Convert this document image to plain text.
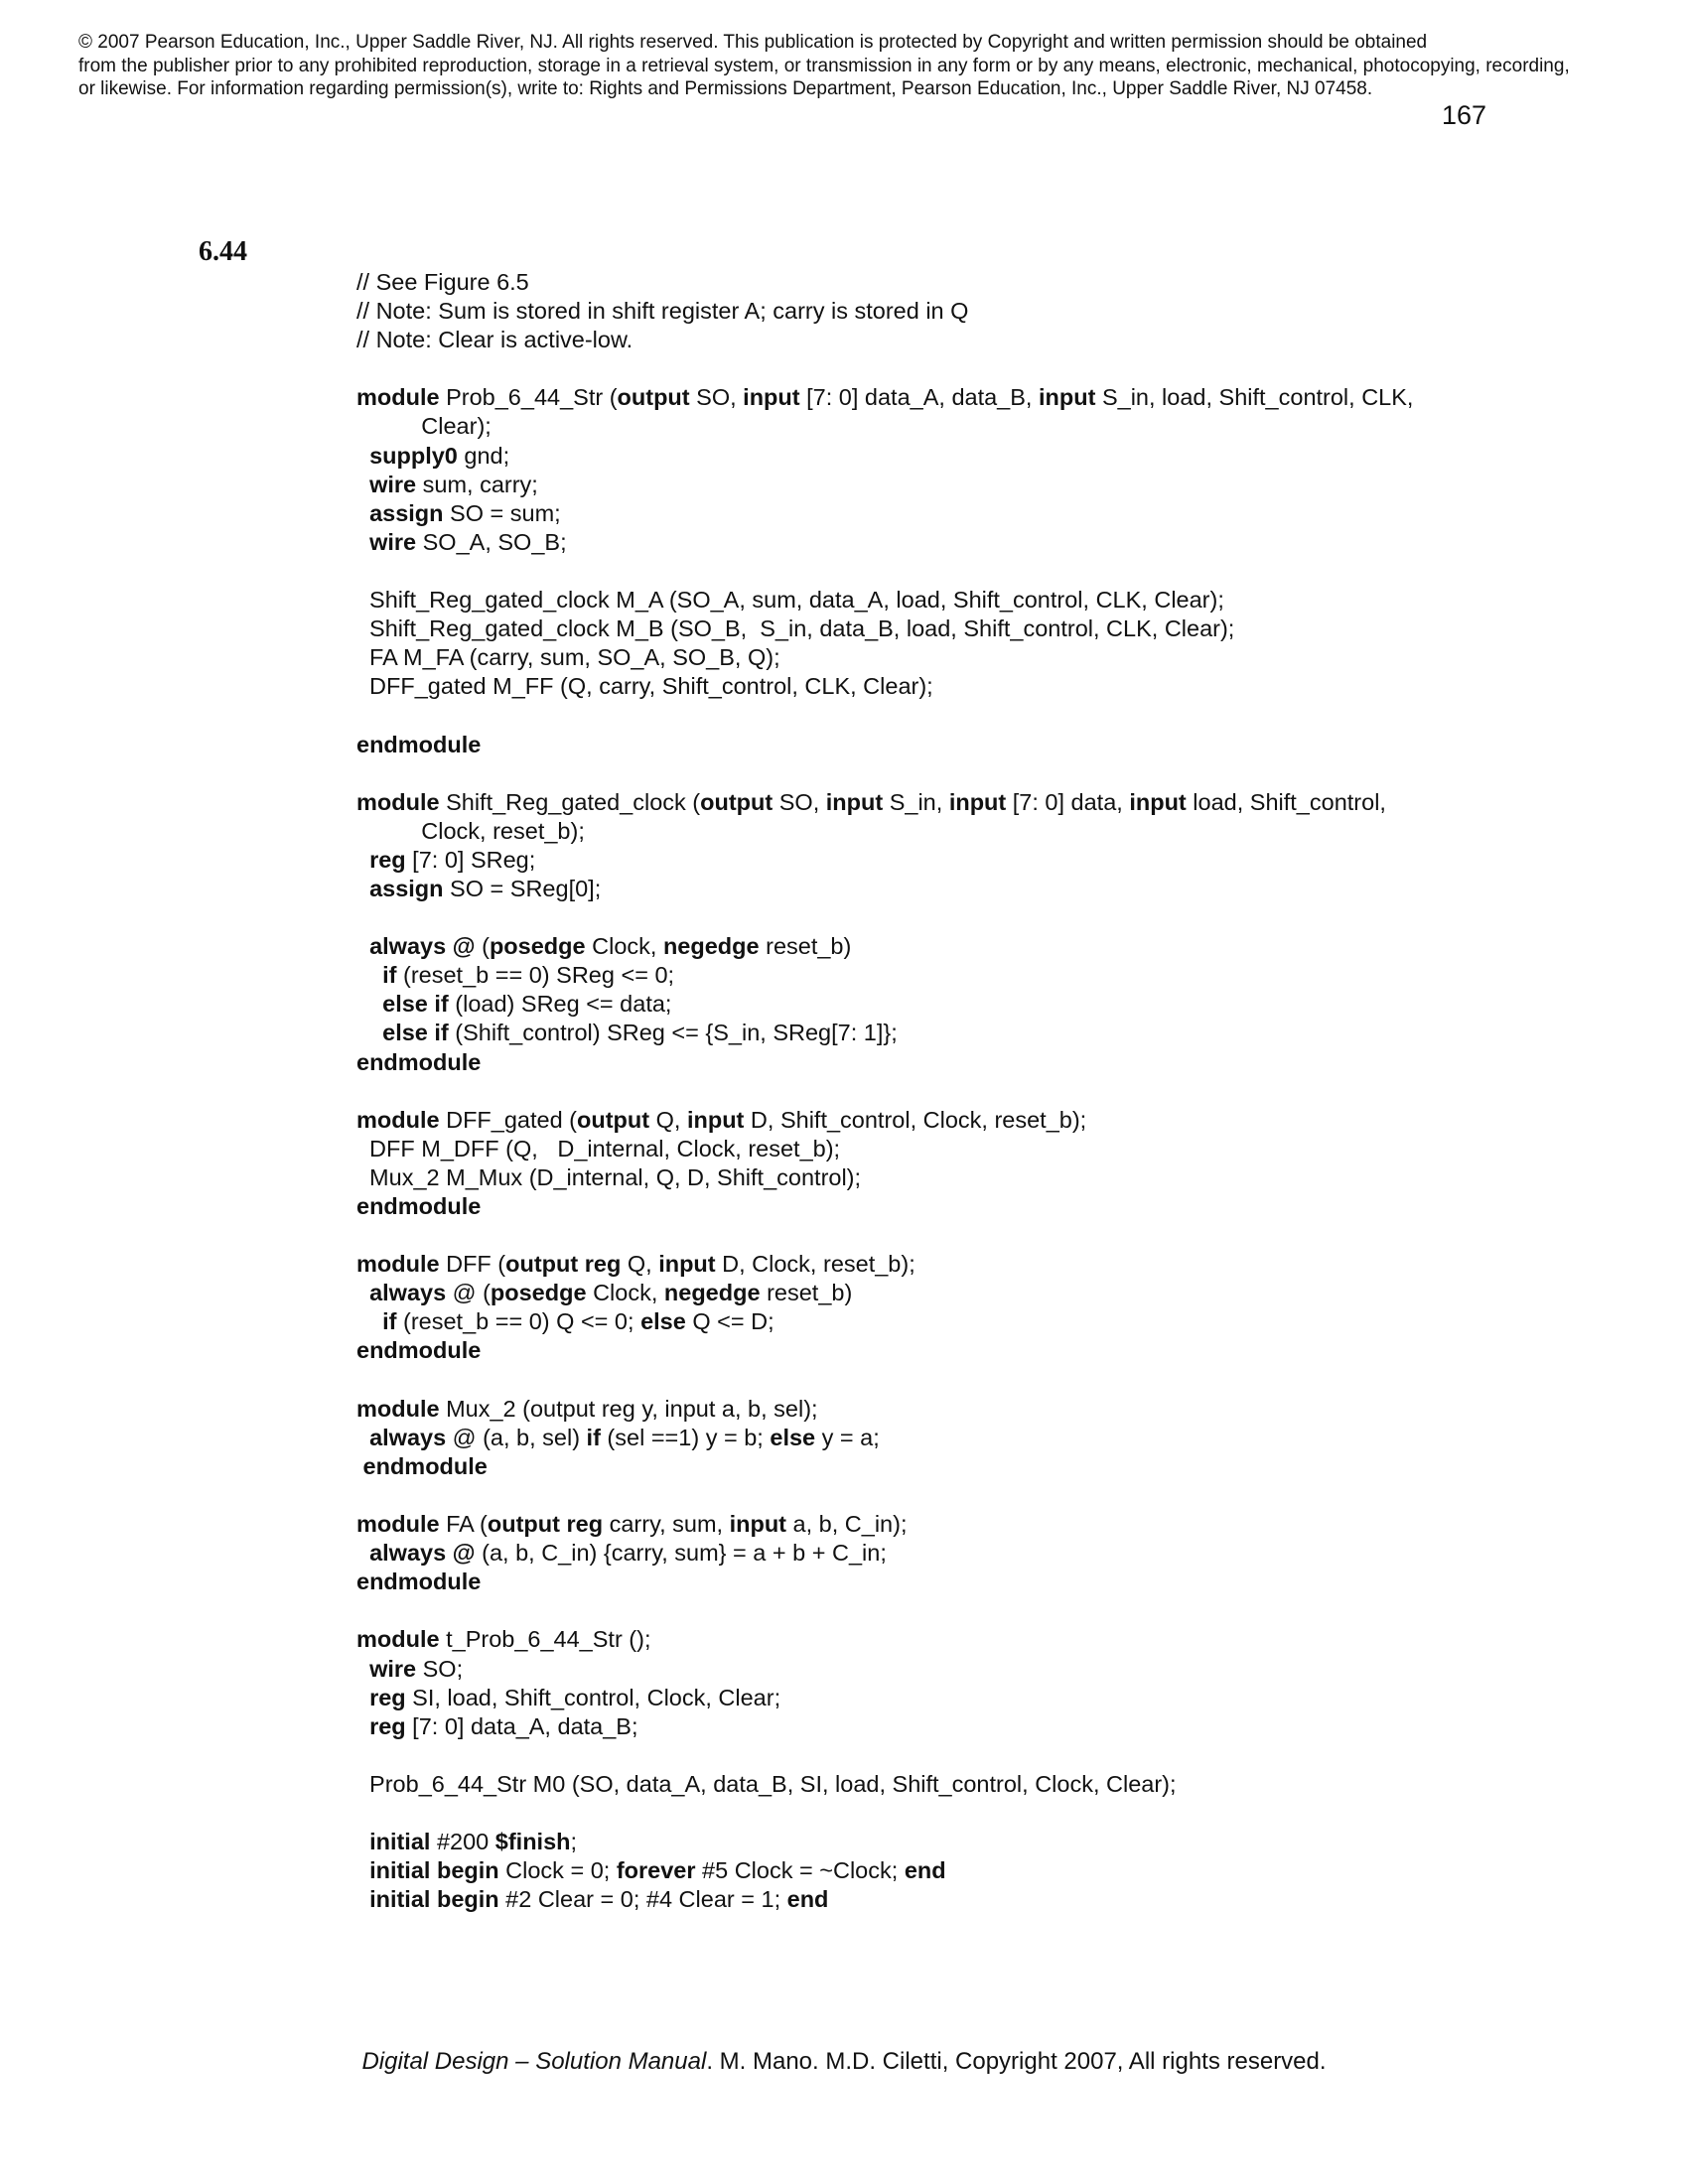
© 2007 Pearson Education, Inc., Upper Saddle River, NJ. All rights reserved. This publication is protected by Copyright and written permission should be obtained
from the publisher prior to any prohibited reproduction, storage in a retrieval system, or transmission in any form or by any means, electronic, mechanical, photocopying, recording,
or likewise. For information regarding permission(s), write to: Rights and Permissions Department, Pearson Education, Inc., Upper Saddle River, NJ 07458.
167
6.44
// See Figure 6.5
// Note: Sum is stored in shift register A; carry is stored in Q
// Note: Clear is active-low.
module Prob_6_44_Str (output SO, input [7: 0] data_A, data_B, input S_in, load, Shift_control, CLK,
Clear);
supply0 gnd;
wire sum, carry;
assign SO = sum;
wire SO_A, SO_B;
Shift_Reg_gated_clock M_A (SO_A, sum, data_A, load, Shift_control, CLK, Clear);
Shift_Reg_gated_clock M_B (SO_B,  S_in, data_B, load, Shift_control, CLK, Clear);
FA M_FA (carry, sum, SO_A, SO_B, Q);
DFF_gated M_FF (Q, carry, Shift_control, CLK, Clear);
endmodule
module Shift_Reg_gated_clock (output SO, input S_in, input [7: 0] data, input load, Shift_control,
Clock, reset_b);
reg [7: 0] SReg;
assign SO = SReg[0];
always @ (posedge Clock, negedge reset_b)
if (reset_b == 0) SReg <= 0;
else if (load) SReg <= data;
else if (Shift_control) SReg <= {S_in, SReg[7: 1]};
endmodule
module DFF_gated (output Q, input D, Shift_control, Clock, reset_b);
DFF M_DFF (Q,   D_internal, Clock, reset_b);
Mux_2 M_Mux (D_internal, Q, D, Shift_control);
endmodule
module DFF (output reg Q, input D, Clock, reset_b);
always @ (posedge Clock, negedge reset_b)
if (reset_b == 0) Q <= 0; else Q <= D;
endmodule
module Mux_2 (output reg y, input a, b, sel);
always @ (a, b, sel) if (sel ==1) y = b; else y = a;
endmodule
module FA (output reg carry, sum, input a, b, C_in);
always @ (a, b, C_in) {carry, sum} = a + b + C_in;
endmodule
module t_Prob_6_44_Str ();
wire SO;
reg SI, load, Shift_control, Clock, Clear;
reg [7: 0] data_A, data_B;
Prob_6_44_Str M0 (SO, data_A, data_B, SI, load, Shift_control, Clock, Clear);
initial #200 $finish;
initial begin Clock = 0; forever #5 Clock = ~Clock; end
initial begin #2 Clear = 0; #4 Clear = 1; end
Digital Design – Solution Manual. M. Mano. M.D. Ciletti, Copyright 2007, All rights reserved.
